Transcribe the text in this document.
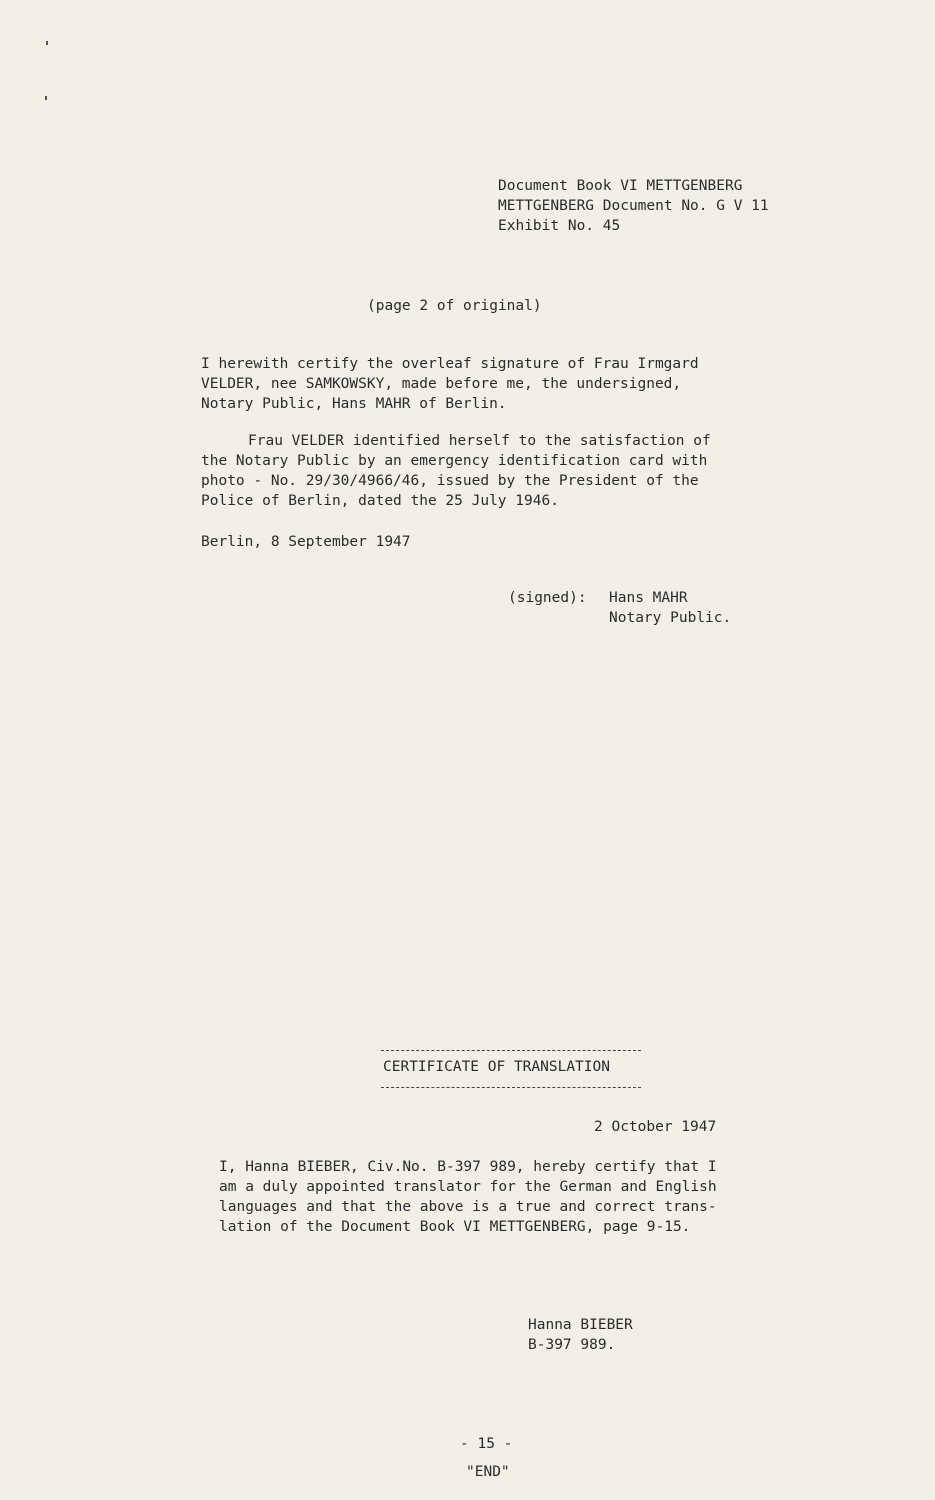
Document Book VI METTGENBERG
METTGENBERG Document No. G V 11
Exhibit No. 45
(page 2 of original)
I herewith certify the overleaf signature of Frau Irmgard
VELDER, nee SAMKOWSKY, made before me, the undersigned,
Notary Public, Hans MAHR of Berlin.
Frau VELDER identified herself to the satisfaction of
the Notary Public by an emergency identification card with
photo - No. 29/30/4966/46, issued by the President of the
Police of Berlin, dated the 25 July 1946.
Berlin, 8 September 1947
(signed): Hans MAHR
Notary Public.
CERTIFICATE OF TRANSLATION
2 October 1947
I, Hanna BIEBER, Civ.No. B-397 989, hereby certify that I
am a duly appointed translator for the German and English
languages and that the above is a true and correct trans-
lation of the Document Book VI METTGENBERG, page 9-15.
Hanna BIEBER
B-397 989.
- 15 -
"END"
